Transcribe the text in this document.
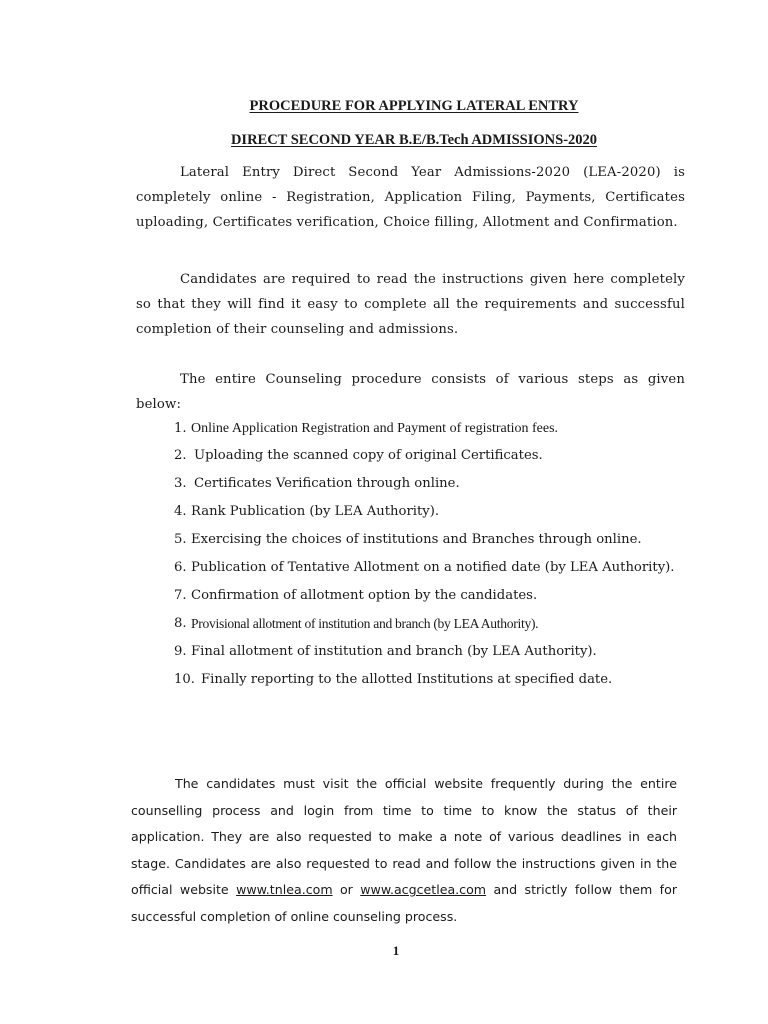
PROCEDURE FOR APPLYING LATERAL ENTRY
DIRECT SECOND YEAR B.E/B.Tech ADMISSIONS-2020

Lateral Entry Direct Second Year Admissions-2020 (LEA-2020) is completely online - Registration, Application Filing, Payments, Certificates uploading, Certificates verification, Choice filling, Allotment and Confirmation.

Candidates are required to read the instructions given here completely so that they will find it easy to complete all the requirements and successful completion of their counseling and admissions.

The entire Counseling procedure consists of various steps as given below:

1. Online Application Registration and Payment of registration fees.
2. Uploading the scanned copy of original Certificates.
3. Certificates Verification through online.
4. Rank Publication (by LEA Authority).
5. Exercising the choices of institutions and Branches through online.
6. Publication of Tentative Allotment on a notified date (by LEA Authority).
7. Confirmation of allotment option by the candidates.
8. Provisional allotment of institution and branch (by LEA Authority).
9. Final allotment of institution and branch (by LEA Authority).
10. Finally reporting to the allotted Institutions at specified date.

The candidates must visit the official website frequently during the entire counselling process and login from time to time to know the status of their application. They are also requested to make a note of various deadlines in each stage. Candidates are also requested to read and follow the instructions given in the official website www.tnlea.com or www.acgcetlea.com and strictly follow them for successful completion of online counseling process.

1
